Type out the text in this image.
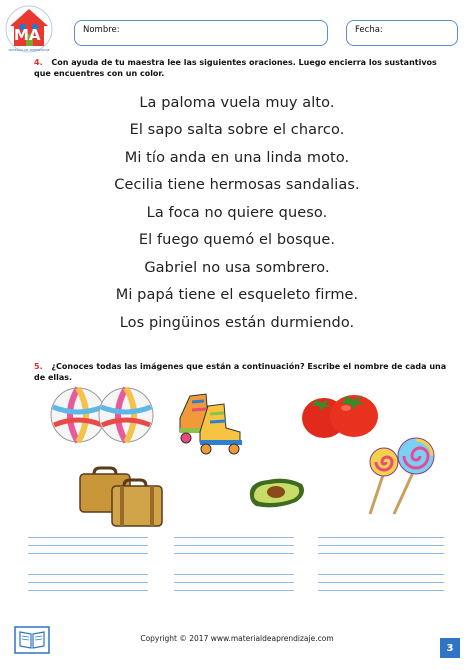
MA
MATERIAL DE APRENDIZAJE
Nombre:	Fecha:
4. Con ayuda de tu maestra lee las siguientes oraciones. Luego encierra los sustantivos que encuentres con un color.
La paloma vuela muy alto.
El sapo salta sobre el charco.
Mi tío anda en una linda moto.
Cecilia tiene hermosas sandalias.
La foca no quiere queso.
El fuego quemó el bosque.
Gabriel no usa sombrero.
Mi papá tiene el esqueleto firme.
Los pingüinos están durmiendo.
5. ¿Conoces todas las imágenes que están a continuación? Escribe el nombre de cada una de ellas.
Copyright © 2017 www.materialdeaprendizaje.com
3
